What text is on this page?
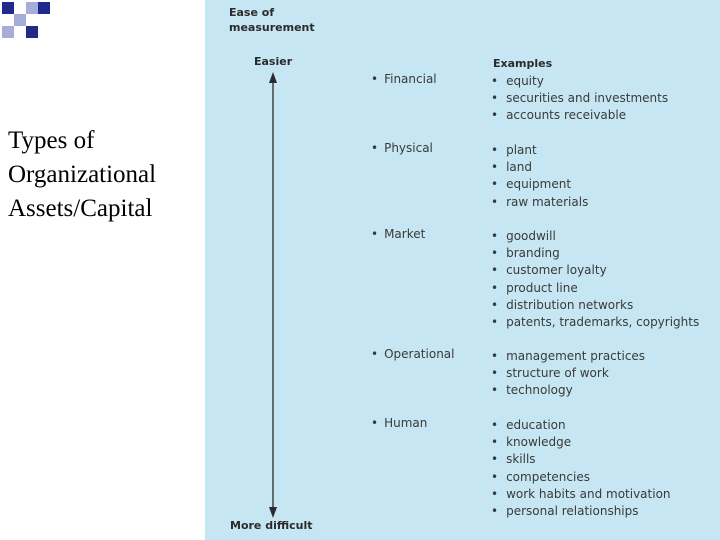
Types of
Organizational
Assets/Capital
Ease of
measurement
Easier
More difficult
Examples
• Financial	• equity
• securities and investments
• accounts receivable
• Physical	• plant
• land
• equipment
• raw materials
• Market	• goodwill
• branding
• customer loyalty
• product line
• distribution networks
• patents, trademarks, copyrights
• Operational	• management practices
• structure of work
• technology
• Human	• education
• knowledge
• skills
• competencies
• work habits and motivation
• personal relationships
